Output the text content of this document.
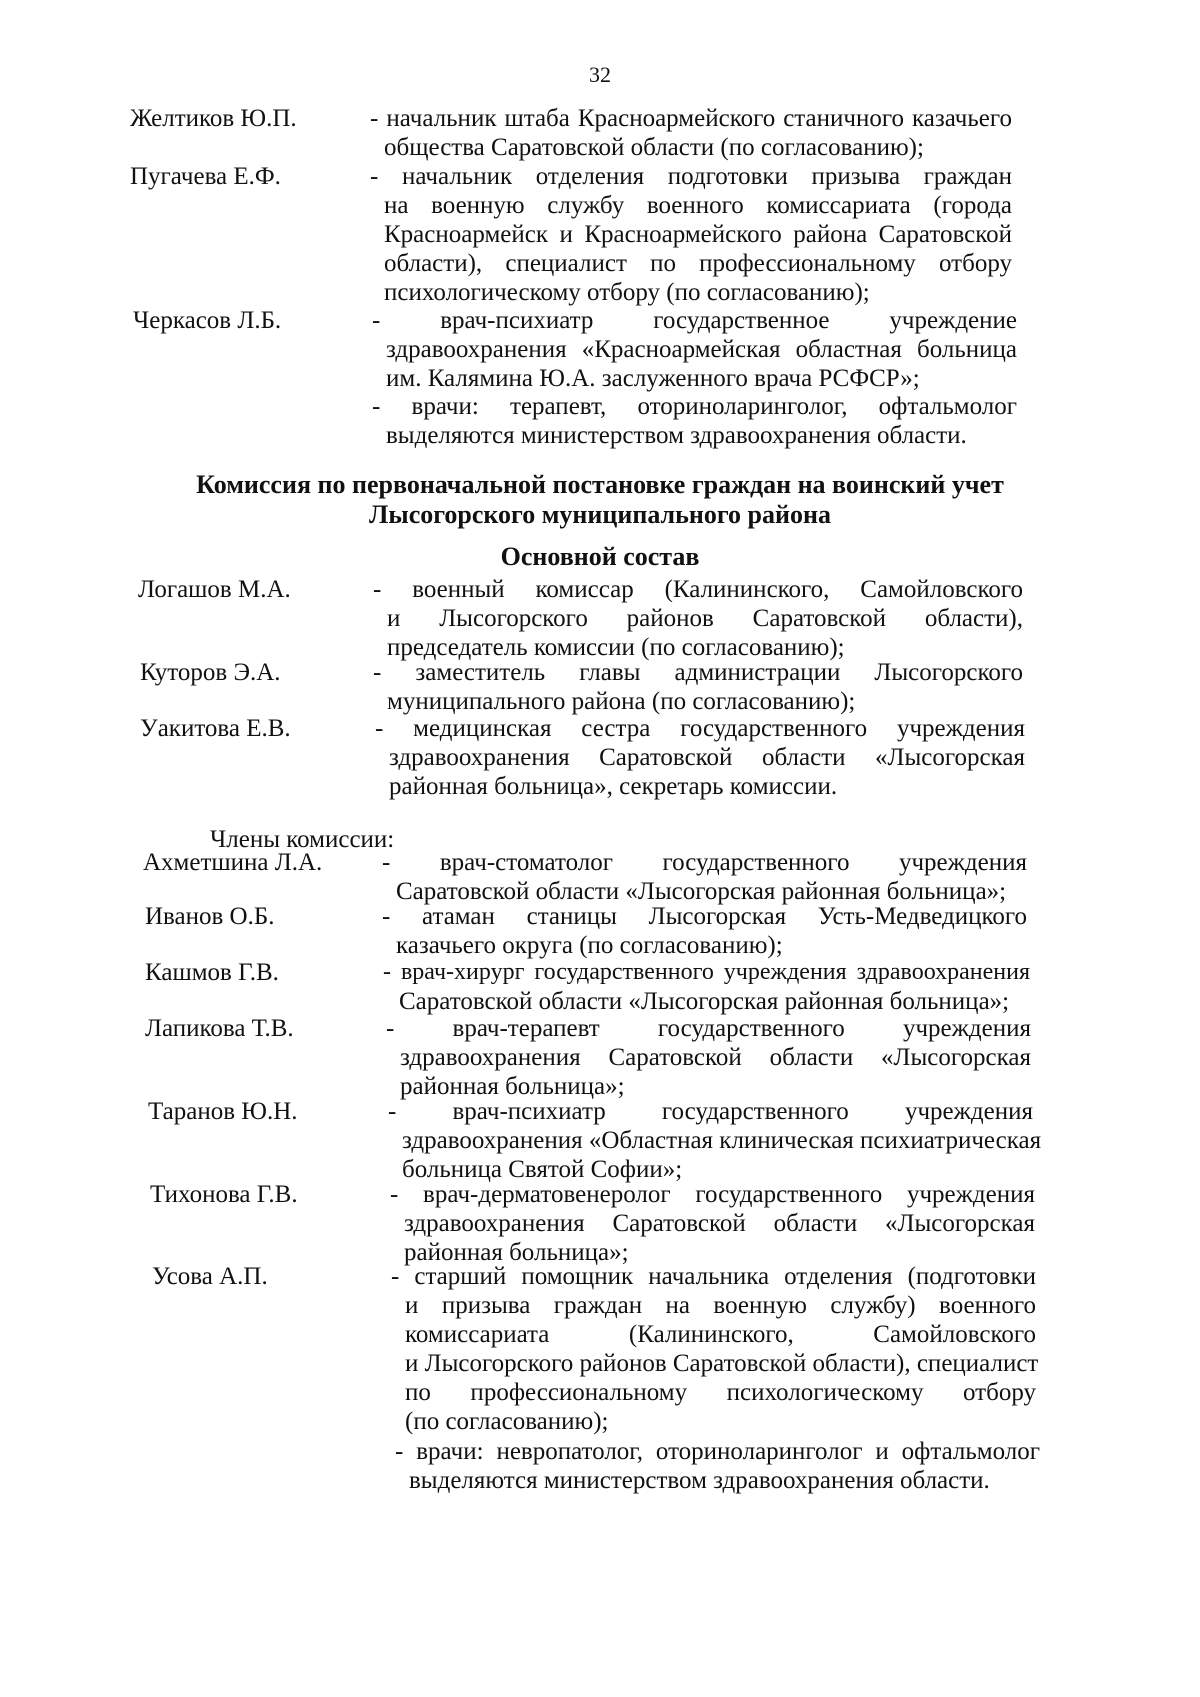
32
Желтиков Ю.П.	- начальник штаба Красноармейского станичного казачьего
общества Саратовской области (по согласованию);
Пугачева Е.Ф.	- начальник отделения подготовки призыва граждан
на военную службу военного комиссариата (города
Красноармейск и Красноармейского района Саратовской
области), специалист по профессиональному отбору
психологическому отбору (по согласованию);
Черкасов Л.Б.	- врач-психиатр государственное учреждение
здравоохранения «Красноармейская областная больница
им. Калямина Ю.А. заслуженного врача РСФСР»;
- врачи: терапевт, оториноларинголог, офтальмолог
выделяются министерством здравоохранения области.
Комиссия по первоначальной постановке граждан на воинский учет
Лысогорского муниципального района
Основной состав
Логашов М.А.	- военный комиссар (Калининского, Самойловского
и Лысогорского районов Саратовской области),
председатель комиссии (по согласованию);
Куторов Э.А.	- заместитель главы администрации Лысогорского
муниципального района (по согласованию);
Уакитова Е.В.	- медицинская сестра государственного учреждения
здравоохранения Саратовской области «Лысогорская
районная больница», секретарь комиссии.
Члены комиссии:
Ахметшина Л.А. - врач-стоматолог государственного учреждения
Саратовской области «Лысогорская районная больница»;
Иванов О.Б.	- атаман станицы Лысогорская Усть-Медведицкого
казачьего округа (по согласованию);
Кашмов Г.В.	- врач-хирург государственного учреждения здравоохранения
Саратовской области «Лысогорская районная больница»;
Лапикова Т.В.	- врач-терапевт государственного учреждения
здравоохранения Саратовской области «Лысогорская
районная больница»;
Таранов Ю.Н.	- врач-психиатр государственного учреждения
здравоохранения «Областная клиническая психиатрическая
больница Святой Софии»;
Тихонова Г.В.	- врач-дерматовенеролог государственного учреждения
здравоохранения Саратовской области «Лысогорская
районная больница»;
Усова А.П.	- старший помощник начальника отделения (подготовки
и призыва граждан на военную службу) военного
комиссариата (Калининского, Самойловского
и Лысогорского районов Саратовской области), специалист
по профессиональному психологическому отбору
(по согласованию);
- врачи: невропатолог, оториноларинголог и офтальмолог
выделяются министерством здравоохранения области.
